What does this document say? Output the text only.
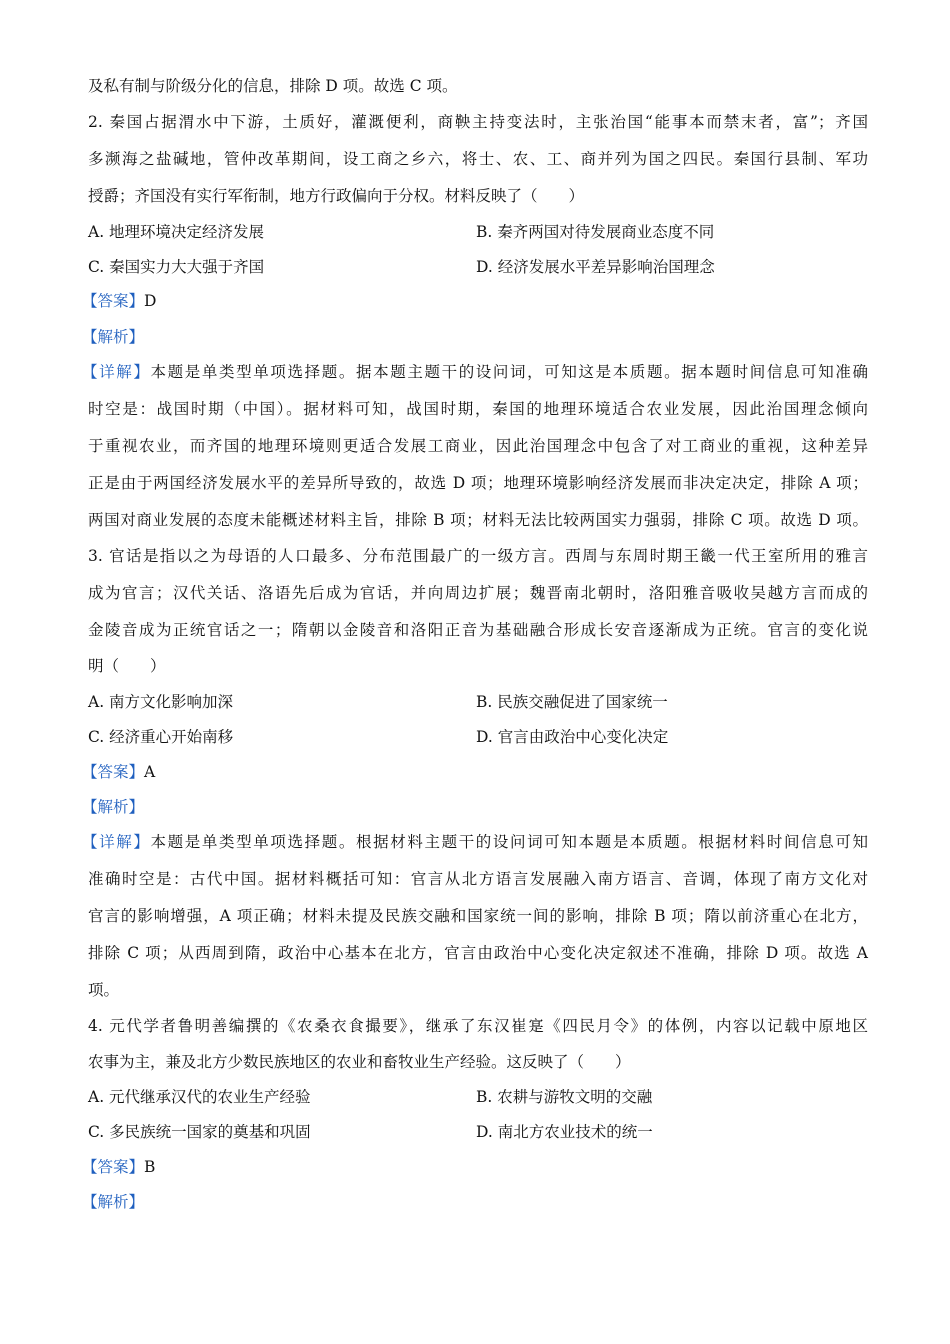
及私有制与阶级分化的信息，排除 D 项。故选 C 项。
2. 秦国占据渭水中下游，土质好，灌溉便利，商鞅主持变法时，主张治国“能事本而禁末者，富”；齐国
多濒海之盐碱地，管仲改革期间，设工商之乡六，将士、农、工、商并列为国之四民。秦国行县制、军功
授爵；齐国没有实行军衔制，地方行政偏向于分权。材料反映了（　　）
A. 地理环境决定经济发展	B. 秦齐两国对待发展商业态度不同
C. 秦国实力大大强于齐国	D. 经济发展水平差异影响治国理念
【答案】D
【解析】
【详解】本题是单类型单项选择题。据本题主题干的设问词，可知这是本质题。据本题时间信息可知准确
时空是：战国时期（中国）。据材料可知，战国时期，秦国的地理环境适合农业发展，因此治国理念倾向
于重视农业，而齐国的地理环境则更适合发展工商业，因此治国理念中包含了对工商业的重视，这种差异
正是由于两国经济发展水平的差异所导致的，故选 D 项；地理环境影响经济发展而非决定决定，排除 A 项；
两国对商业发展的态度未能概述材料主旨，排除 B 项；材料无法比较两国实力强弱，排除 C 项。故选 D 项。
3. 官话是指以之为母语的人口最多、分布范围最广的一级方言。西周与东周时期王畿一代王室所用的雅言
成为官言；汉代关话、洛语先后成为官话，并向周边扩展；魏晋南北朝时，洛阳雅音吸收吴越方言而成的
金陵音成为正统官话之一；隋朝以金陵音和洛阳正音为基础融合形成长安音逐渐成为正统。官言的变化说
明（　　）
A. 南方文化影响加深	B. 民族交融促进了国家统一
C. 经济重心开始南移	D. 官言由政治中心变化决定
【答案】A
【解析】
【详解】本题是单类型单项选择题。根据材料主题干的设问词可知本题是本质题。根据材料时间信息可知
准确时空是：古代中国。据材料概括可知：官言从北方语言发展融入南方语言、音调，体现了南方文化对
官言的影响增强，A 项正确；材料未提及民族交融和国家统一间的影响，排除 B 项；隋以前济重心在北方，
排除 C 项；从西周到隋，政治中心基本在北方，官言由政治中心变化决定叙述不准确，排除 D 项。故选 A
项。
4. 元代学者鲁明善编撰的《农桑衣食撮要》，继承了东汉崔寔《四民月令》的体例，内容以记载中原地区
农事为主，兼及北方少数民族地区的农业和畜牧业生产经验。这反映了（　　）
A. 元代继承汉代的农业生产经验	B. 农耕与游牧文明的交融
C. 多民族统一国家的奠基和巩固	D. 南北方农业技术的统一
【答案】B
【解析】
